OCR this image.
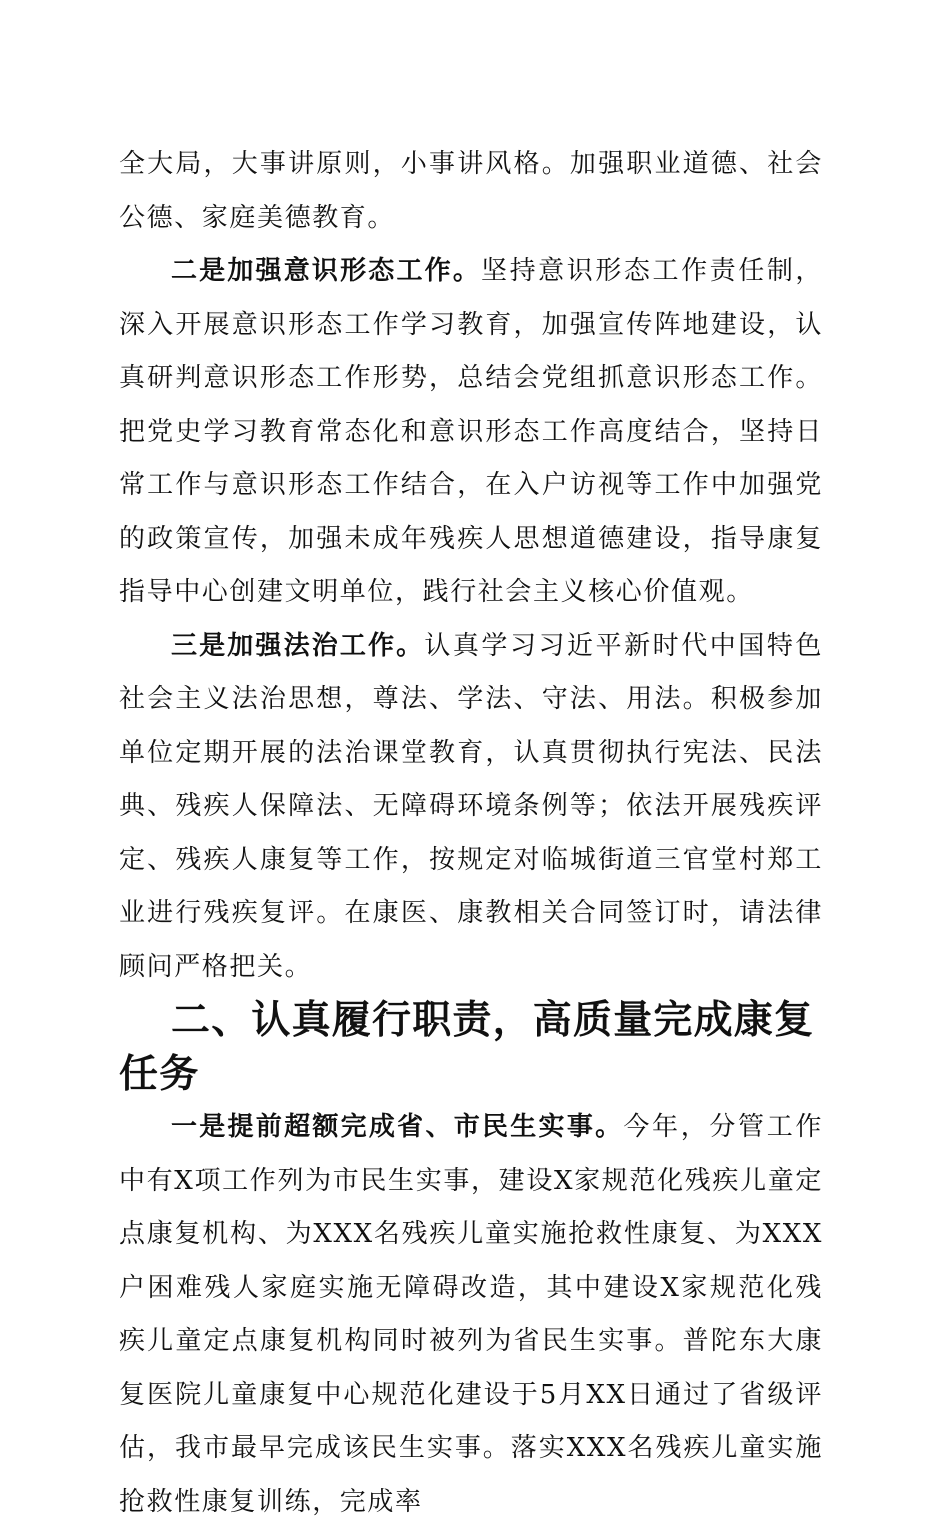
全大局，大事讲原则，小事讲风格。加强职业道德、社会公德、家庭美德教育。

二是加强意识形态工作。坚持意识形态工作责任制，深入开展意识形态工作学习教育，加强宣传阵地建设，认真研判意识形态工作形势，总结会党组抓意识形态工作。把党史学习教育常态化和意识形态工作高度结合，坚持日常工作与意识形态工作结合，在入户访视等工作中加强党的政策宣传，加强未成年残疾人思想道德建设，指导康复指导中心创建文明单位，践行社会主义核心价值观。

三是加强法治工作。认真学习习近平新时代中国特色社会主义法治思想，尊法、学法、守法、用法。积极参加单位定期开展的法治课堂教育，认真贯彻执行宪法、民法典、残疾人保障法、无障碍环境条例等；依法开展残疾评定、残疾人康复等工作，按规定对临城街道三官堂村郑工业进行残疾复评。在康医、康教相关合同签订时，请法律顾问严格把关。

二、认真履行职责，高质量完成康复任务

一是提前超额完成省、市民生实事。今年，分管工作中有X项工作列为市民生实事，建设X家规范化残疾儿童定点康复机构、为XXX名残疾儿童实施抢救性康复、为XXX户困难残人家庭实施无障碍改造，其中建设X家规范化残疾儿童定点康复机构同时被列为省民生实事。普陀东大康复医院儿童康复中心规范化建设于5月XX日通过了省级评估，我市最早完成该民生实事。落实XXX名残疾儿童实施抢救性康复训练，完成率
